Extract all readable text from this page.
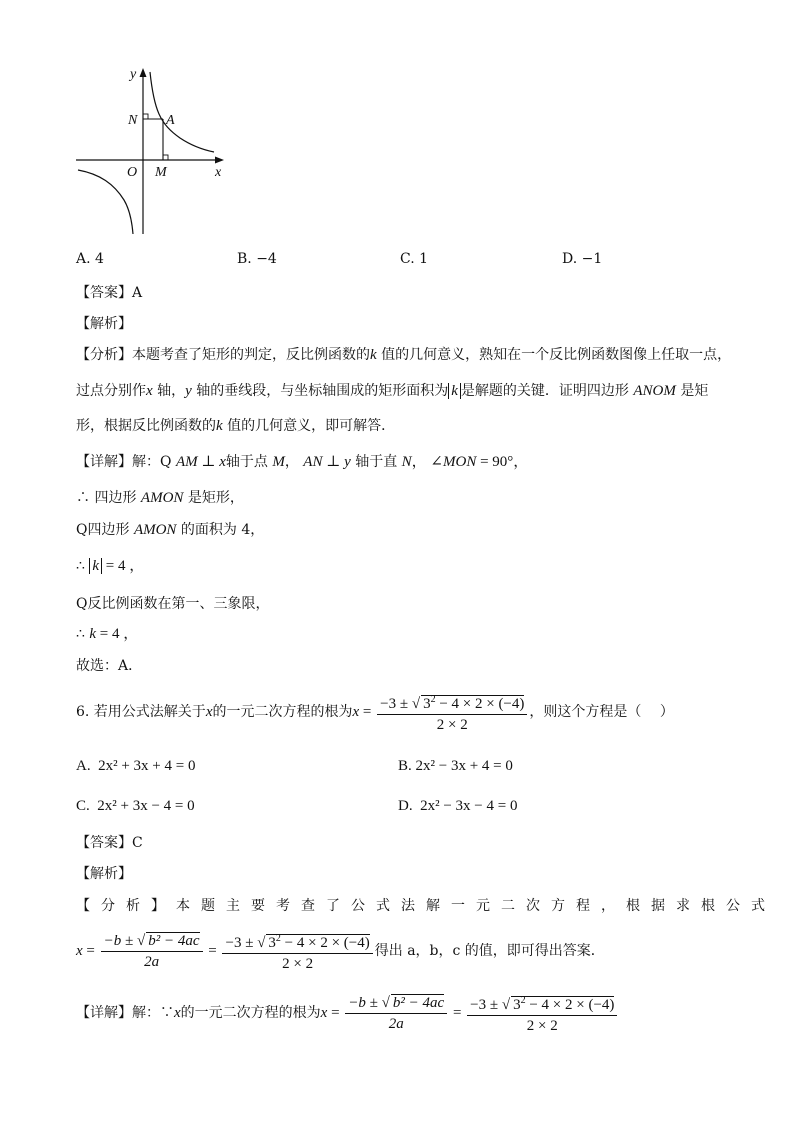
y
x
O M
N A
A. 4	B. −4	C. 1	D. −1
【答案】A
【解析】
【分析】本题考查了矩形的判定，反比例函数的k 值的几何意义，熟知在一个反比例函数图像上任取一点，
过点分别作x 轴，y 轴的垂线段，与坐标轴围成的矩形面积为 k 是解题的关键．证明四边形 ANOM 是矩
形，根据反比例函数的k 值的几何意义，即可解答．
【详解】解：Q AM ⊥ x轴于点 M， AN ⊥ y 轴于直 N， ∠MON = 90°，
∴ 四边形 AMON 是矩形，
Q四边形 AMON 的面积为 4，
∴ k = 4 ，
Q反比例函数在第一、三象限，
∴ k = 4 ，
故选：A．
6. 若用公式法解关于x的一元二次方程的根为$x = \frac{-3 \pm √ 3^2 - 4 \times 2 \times (-4)}{2 \times 2}$ ，则这个方程是（　 ）
A. 2x² + 3x + 4 = 0	B. 2x² − 3x + 4 = 0
C. 2x² + 3x − 4 = 0	D. 2x² − 3x − 4 = 0
【答案】C
【解析】
【分析】本题主要考查了公式法解一元二次方程，根据求根公式
$x = \frac{\text{−b ± √ b² − 4ac}}{2a} = \frac{-3 \pm √ 3^2 - 4 \times 2 \times (-4)}{2 \times 2}$ 得出 a，b，c 的值，即可得出答案．
【详解】解：∵x的一元二次方程的根为$x = \frac{\text{−b ± √ b² − 4ac}}{2a} = \frac{-3 \pm √ 3^2 - 4 \times 2 \times (-4)}{2 \times 2}$
